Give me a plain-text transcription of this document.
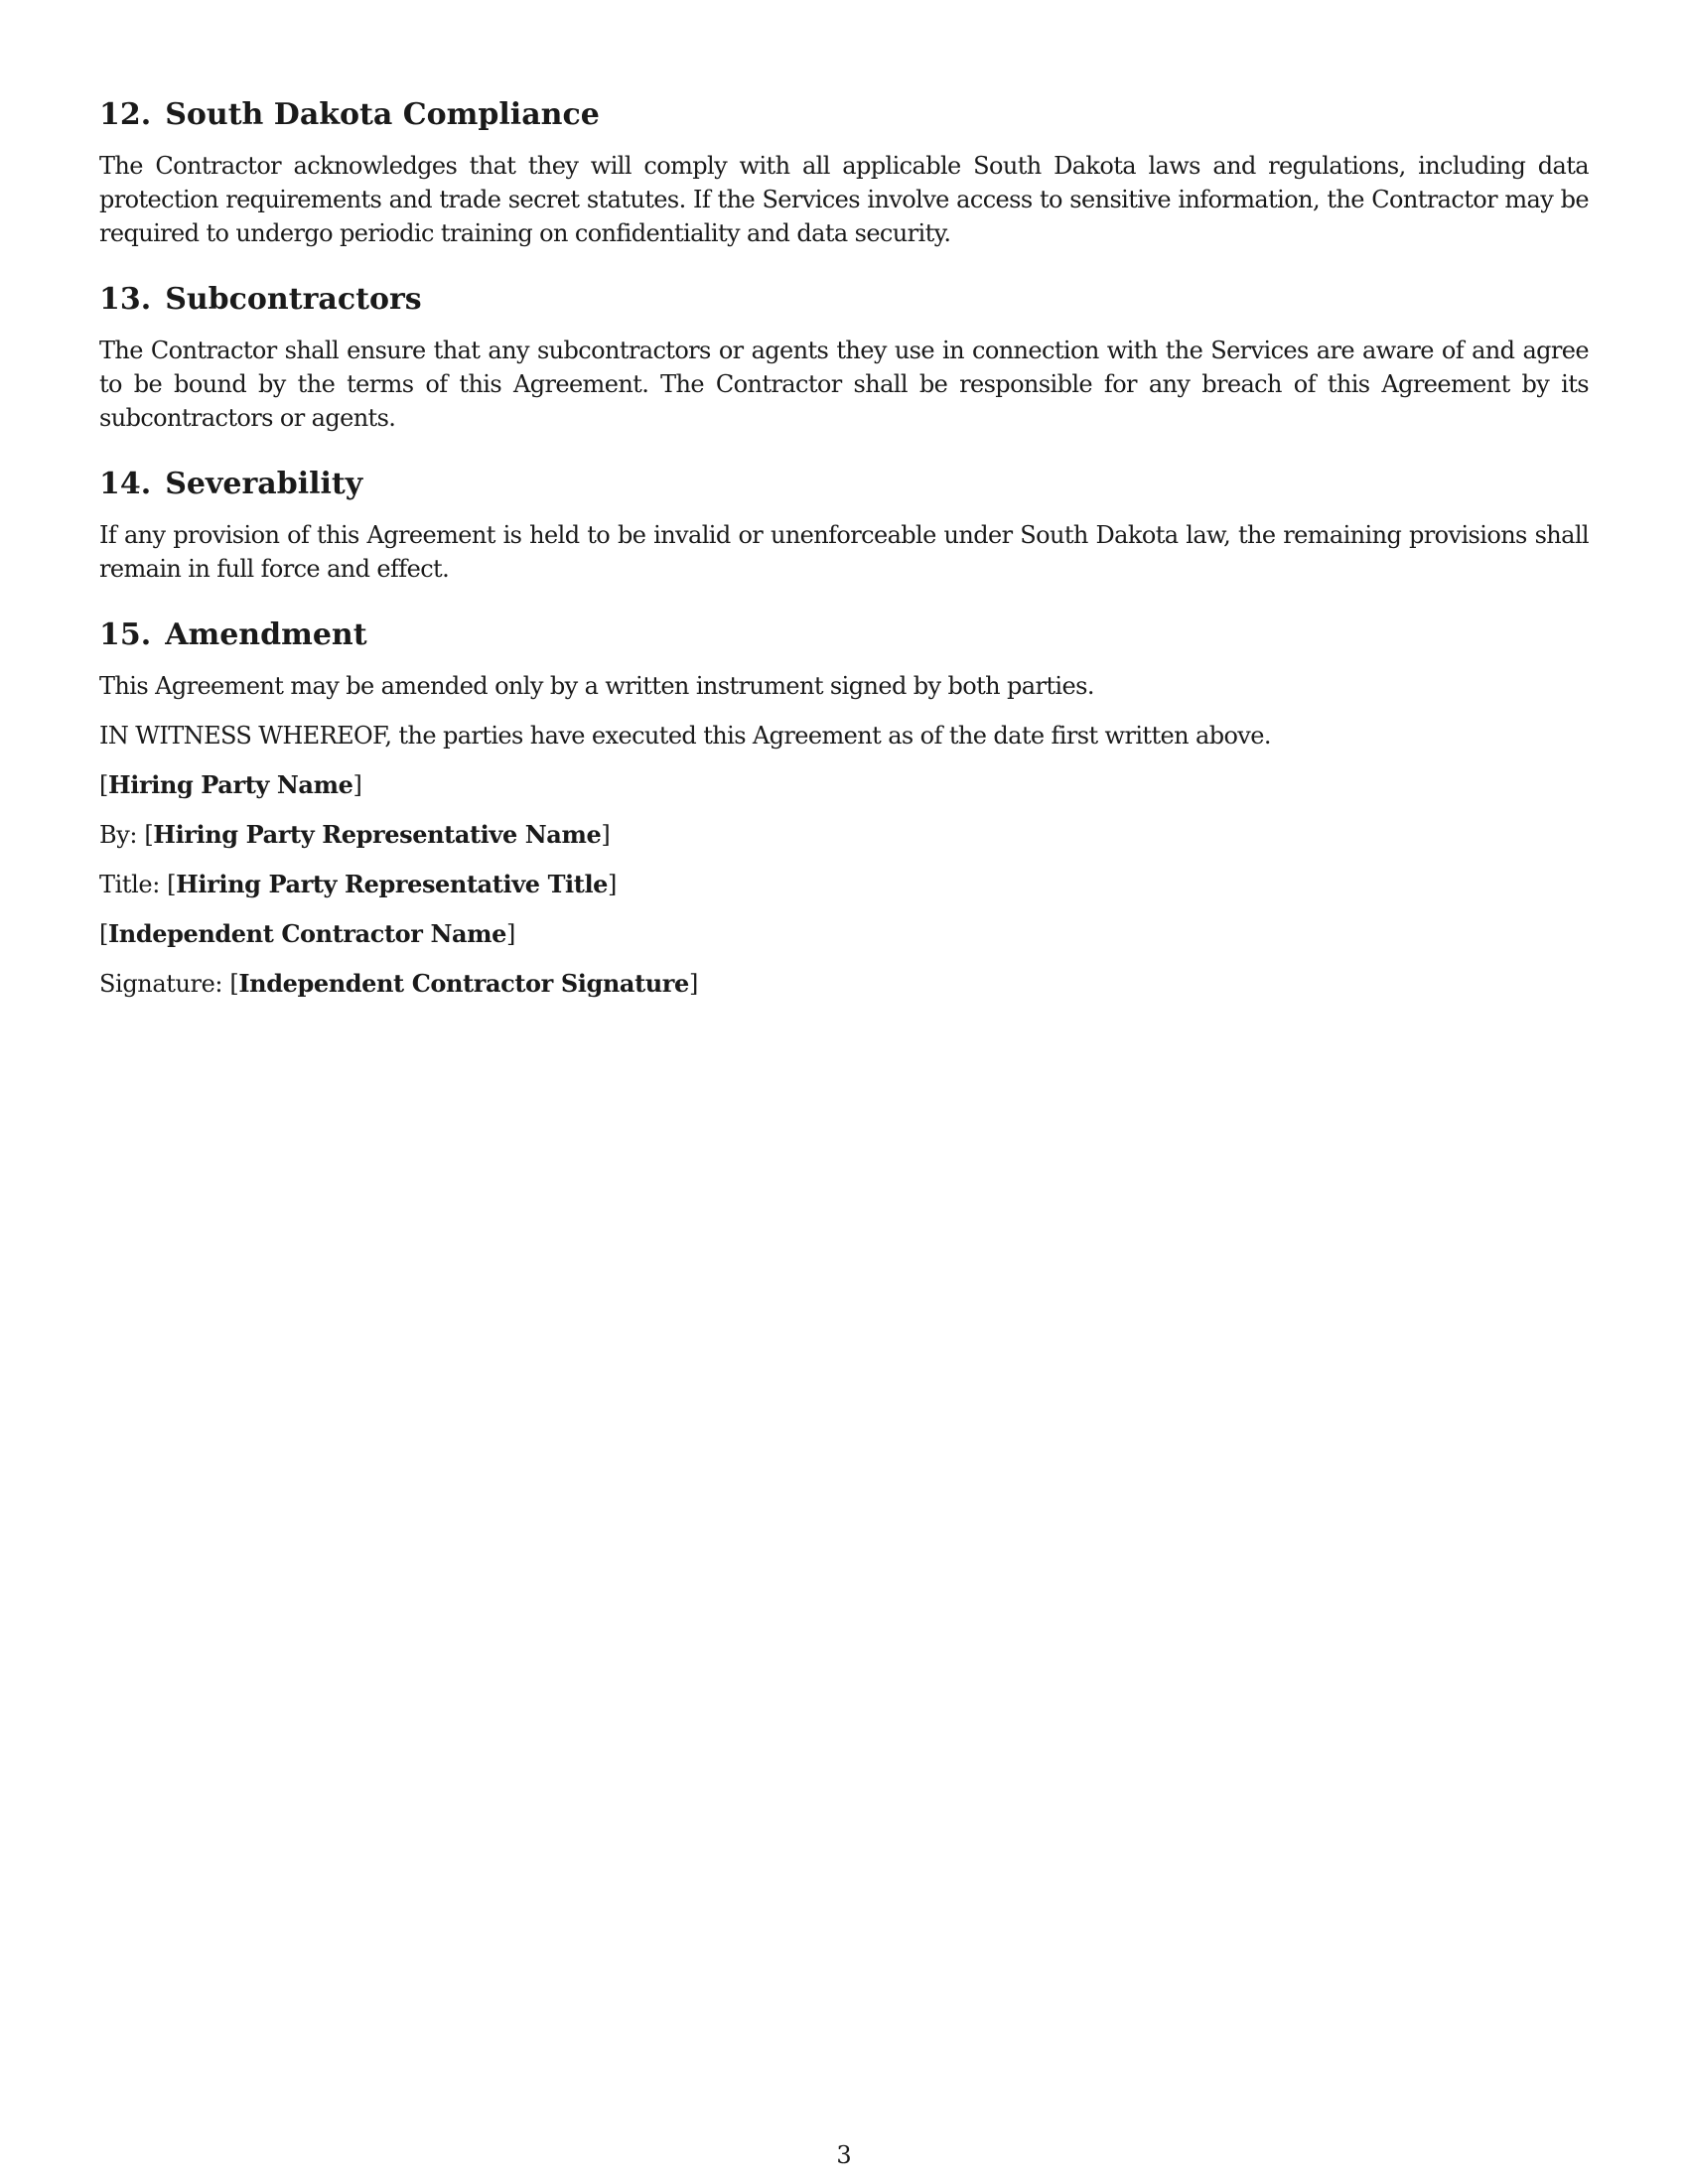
12. South Dakota Compliance

The Contractor acknowledges that they will comply with all applicable South Dakota laws and regulations, including data protection requirements and trade secret statutes. If the Services involve access to sensitive information, the Contractor may be required to undergo periodic training on confidentiality and data security.

13. Subcontractors

The Contractor shall ensure that any subcontractors or agents they use in connection with the Services are aware of and agree to be bound by the terms of this Agreement. The Contractor shall be responsible for any breach of this Agreement by its subcontractors or agents.

14. Severability

If any provision of this Agreement is held to be invalid or unenforceable under South Dakota law, the remaining provisions shall remain in full force and effect.

15. Amendment

This Agreement may be amended only by a written instrument signed by both parties.

IN WITNESS WHEREOF, the parties have executed this Agreement as of the date first written above.

[Hiring Party Name]

By: [Hiring Party Representative Name]

Title: [Hiring Party Representative Title]

[Independent Contractor Name]

Signature: [Independent Contractor Signature]

3
